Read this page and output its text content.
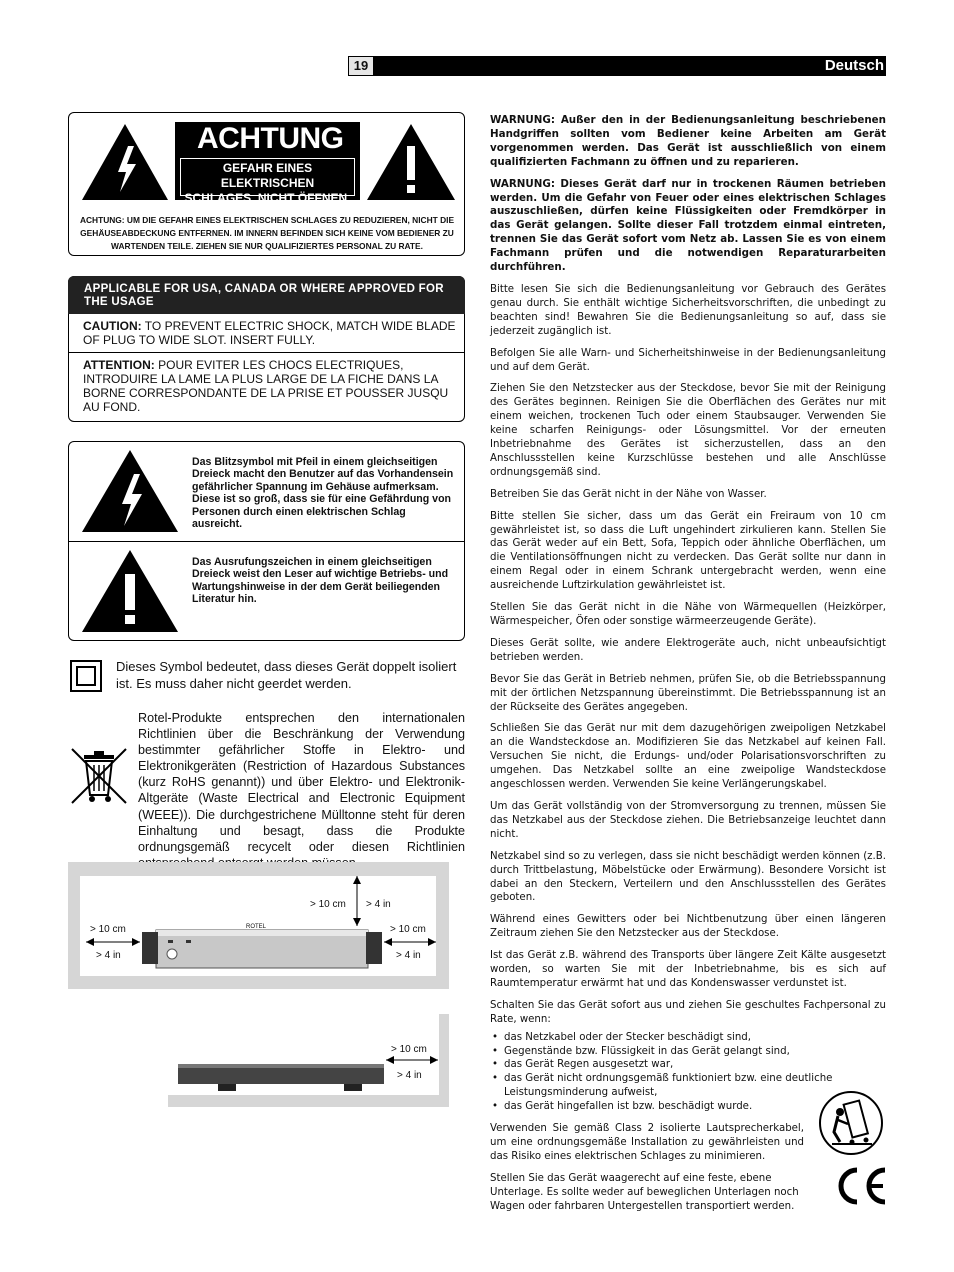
19	Deutsch
ACHTUNG
GEFAHR EINES ELEKTRISCHEN
SCHLAGES. NICHT ÖFFNEN.
ACHTUNG: UM DIE GEFAHR EINES ELEKTRISCHEN SCHLAGES ZU REDUZIEREN, NICHT DIE GEHÄUSEABDECKUNG ENTFERNEN. IM INNERN BEFINDEN SICH KEINE VOM BEDIENER ZU WARTENDEN TEILE. ZIEHEN SIE NUR QUALIFIZIERTES PERSONAL ZU RATE.
APPLICABLE FOR USA, CANADA OR WHERE APPROVED FOR THE USAGE
CAUTION: TO PREVENT ELECTRIC SHOCK, MATCH WIDE BLADE OF PLUG TO WIDE SLOT. INSERT FULLY.
ATTENTION: POUR EVITER LES CHOCS ELECTRIQUES, INTRODUIRE LA LAME LA PLUS LARGE DE LA FICHE DANS LA BORNE CORRESPONDANTE DE LA PRISE ET POUSSER JUSQU AU FOND.
Das Blitzsymbol mit Pfeil in einem gleichseitigen Dreieck macht den Benutzer auf das Vorhandensein gefährlicher Spannung im Gehäuse aufmerksam. Diese ist so groß, dass sie für eine Gefährdung von Personen durch einen elektrischen Schlag ausreicht.
Das Ausrufungszeichen in einem gleichseitigen Dreieck weist den Leser auf wichtige Betriebs- und Wartungshinweise in der dem Gerät beiliegenden Literatur hin.
Dieses Symbol bedeutet, dass dieses Gerät doppelt isoliert ist. Es muss daher nicht geerdet werden.
Rotel-Produkte entsprechen den internationalen Richtlinien über die Beschränkung der Verwendung bestimmter gefährlicher Stoffe in Elektro- und Elektronikgeräten (Restriction of Hazardous Substances (kurz RoHS genannt)) und über Elektro- und Elektronik-Altgeräte (Waste Electrical and Electronic Equipment (WEEE)). Die durchgestrichene Mülltonne steht für deren Einhaltung und besagt, dass die Produkte ordnungsgemäß recycelt oder diesen Richtlinien
ROTEL
> 10 cm > 4 in
> 10 cm
> 4 in
> 10 cm
> 4 in
> 10 cm
> 4 in

WARNUNG: Außer den in der Bedienungsanleitung beschriebenen Handgriffen sollten vom Bediener keine Arbeiten am Gerät vorgenommen werden. Das Gerät ist ausschließlich von einem qualifizierten Fachmann zu öffnen und zu reparieren.

WARNUNG: Dieses Gerät darf nur in trockenen Räumen betrieben werden. Um die Gefahr von Feuer oder eines elektrischen Schlages auszuschließen, dürfen keine Flüssigkeiten oder Fremdkörper in das Gerät gelangen. Sollte dieser Fall trotzdem einmal eintreten, trennen Sie das Gerät sofort vom Netz ab. Lassen Sie es von einem Fachmann prüfen und die notwendigen Reparaturarbeiten durchführen.

Bitte lesen Sie sich die Bedienungsanleitung vor Gebrauch des Gerätes genau durch. Sie enthält wichtige Sicherheitsvorschriften, die unbedingt zu beachten sind! Bewahren Sie die Bedienungsanleitung so auf, dass sie jederzeit zugänglich ist.

Befolgen Sie alle Warn- und Sicherheitshinweise in der Bedienungsanleitung und auf dem Gerät.

Ziehen Sie den Netzstecker aus der Steckdose, bevor Sie mit der Reinigung des Gerätes beginnen. Reinigen Sie die Oberflächen des Gerätes nur mit einem weichen, trockenen Tuch oder einem Staubsauger. Verwenden Sie keine scharfen Reinigungs- oder Lösungsmittel. Vor der erneuten Inbetriebnahme des Gerätes ist sicherzustellen, dass an den Anschlussstellen keine Kurzschlüsse bestehen und alle Anschlüsse ordnungsgemäß sind.

Betreiben Sie das Gerät nicht in der Nähe von Wasser.

Bitte stellen Sie sicher, dass um das Gerät ein Freiraum von 10 cm gewährleistet ist, so dass die Luft ungehindert zirkulieren kann. Stellen Sie das Gerät weder auf ein Bett, Sofa, Teppich oder ähnliche Oberflächen, um die Ventilationsöffnungen nicht zu verdecken. Das Gerät sollte nur dann in einem Regal oder in einem Schrank untergebracht werden, wenn eine ausreichende Luftzirkulation gewährleistet ist.

Stellen Sie das Gerät nicht in die Nähe von Wärmequellen (Heizkörper, Wärmespeicher, Öfen oder sonstige wärmeerzeugende Geräte).

Dieses Gerät sollte, wie andere Elektrogeräte auch, nicht unbeaufsichtigt betrieben werden.

Bevor Sie das Gerät in Betrieb nehmen, prüfen Sie, ob die Betriebsspannung mit der örtlichen Netzspannung übereinstimmt. Die Betriebsspannung ist an der Rückseite des Gerätes angegeben.

Schließen Sie das Gerät nur mit dem dazugehörigen zweipoligen Netzkabel an die Wandsteckdose an. Modifizieren Sie das Netzkabel auf keinen Fall. Versuchen Sie nicht, die Erdungs- und/oder Polarisationsvorschriften zu umgehen. Das Netzkabel sollte an eine zweipolige Wandsteckdose angeschlossen werden. Verwenden Sie keine Verlängerungskabel.

Um das Gerät vollständig von der Stromversorgung zu trennen, müssen Sie das Netzkabel aus der Steckdose ziehen. Die Betriebsanzeige leuchtet dann nicht.

Netzkabel sind so zu verlegen, dass sie nicht beschädigt werden können (z.B. durch Trittbelastung, Möbelstücke oder Erwärmung). Besondere Vorsicht ist dabei an den Steckern, Verteilern und den Anschlussstellen des Gerätes geboten.

Während eines Gewitters oder bei Nichtbenutzung über einen längeren Zeitraum ziehen Sie den Netzstecker aus der Steckdose.

Ist das Gerät z.B. während des Transports über längere Zeit Kälte ausgesetzt worden, so warten Sie mit der Inbetriebnahme, bis es sich auf Raumtemperatur erwärmt hat und das Kondenswasser verdunstet ist.

Schalten Sie das Gerät sofort aus und ziehen Sie geschultes Fachpersonal zu Rate, wenn:

• das Netzkabel oder der Stecker beschädigt sind,
• Gegenstände bzw. Flüssigkeit in das Gerät gelangt sind,
• das Gerät Regen ausgesetzt war,
• das Gerät nicht ordnungsgemäß funktioniert bzw. eine deutliche Leistungsminderung aufweist,
• das Gerät hingefallen ist bzw. beschädigt wurde.

Verwenden Sie gemäß Class 2 isolierte Lautsprecherkabel, um eine ordnungsgemäße Installation zu gewährleisten und das Risiko eines elektrischen Schlages zu minimieren.

Stellen Sie das Gerät waagerecht auf eine feste, ebene Unterlage. Es sollte weder auf beweglichen Unterlagen noch Wagen oder fahrbaren Untergestellen transportiert werden.
